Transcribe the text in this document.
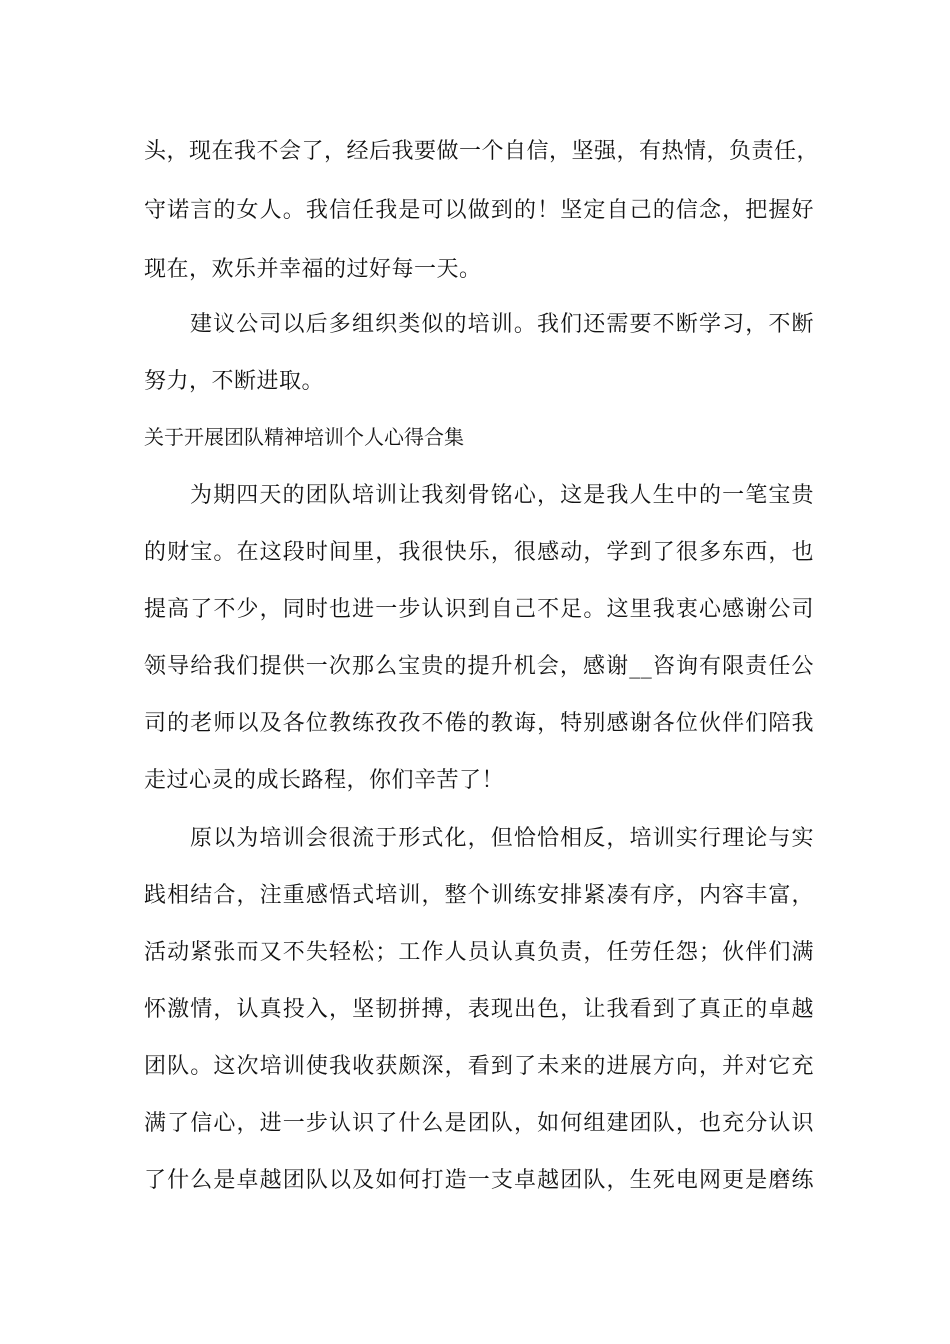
头，现在我不会了，经后我要做一个自信，坚强，有热情，负责任，
守诺言的女人。我信任我是可以做到的！坚定自己的信念，把握好
现在，欢乐并幸福的过好每一天。
建议公司以后多组织类似的培训。我们还需要不断学习，不断
努力，不断进取。
关于开展团队精神培训个人心得合集
为期四天的团队培训让我刻骨铭心，这是我人生中的一笔宝贵
的财宝。在这段时间里，我很快乐，很感动，学到了很多东西，也
提高了不少，同时也进一步认识到自己不足。这里我衷心感谢公司
领导给我们提供一次那么宝贵的提升机会，感谢__咨询有限责任公
司的老师以及各位教练孜孜不倦的教诲，特别感谢各位伙伴们陪我
走过心灵的成长路程，你们辛苦了！
原以为培训会很流于形式化，但恰恰相反，培训实行理论与实
践相结合，注重感悟式培训，整个训练安排紧凑有序，内容丰富，
活动紧张而又不失轻松；工作人员认真负责，任劳任怨；伙伴们满
怀激情，认真投入，坚韧拼搏，表现出色，让我看到了真正的卓越
团队。这次培训使我收获颇深，看到了未来的进展方向，并对它充
满了信心，进一步认识了什么是团队，如何组建团队，也充分认识
了什么是卓越团队以及如何打造一支卓越团队，生死电网更是磨练
